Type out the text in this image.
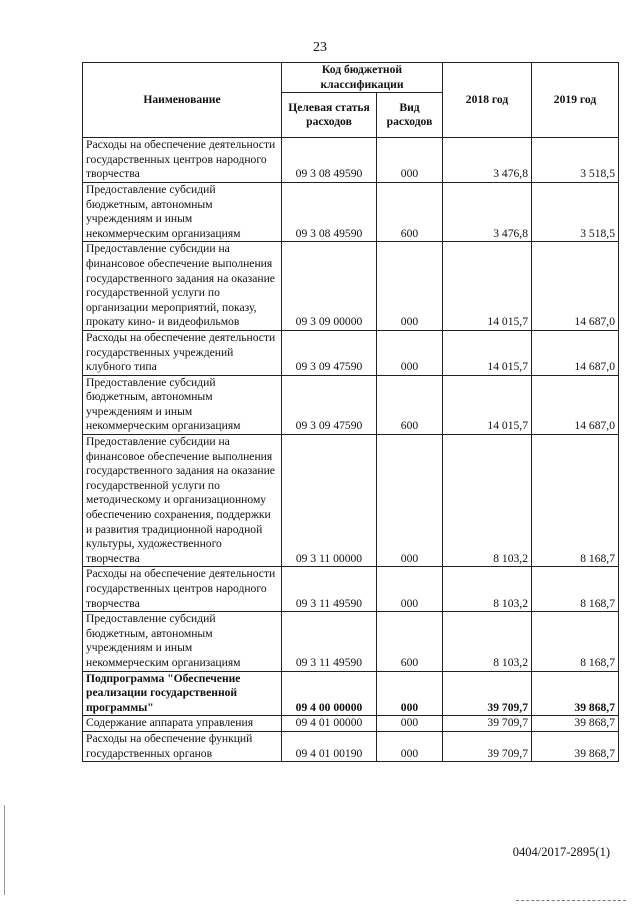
23
Наименование	Код бюджетной классификации		2018 год	2019 год
	Целевая статья расходов	Вид расходов		
Расходы на обеспечение деятельности государственных центров народного творчества	09 3 08 49590	000	3 476,8	3 518,5
Предоставление субсидий бюджетным, автономным учреждениям и иным некоммерческим организациям	09 3 08 49590	600	3 476,8	3 518,5
Предоставление субсидии на финансовое обеспечение выполнения государственного задания на оказание государственной услуги по организации мероприятий, показу, прокату кино- и видеофильмов	09 3 09 00000	000	14 015,7	14 687,0
Расходы на обеспечение деятельности государственных учреждений клубного типа	09 3 09 47590	000	14 015,7	14 687,0
Предоставление субсидий бюджетным, автономным учреждениям и иным некоммерческим организациям	09 3 09 47590	600	14 015,7	14 687,0
Предоставление субсидии на финансовое обеспечение выполнения государственного задания на оказание государственной услуги по методическому и организационному обеспечению сохранения, поддержки и развития традиционной народной культуры, художественного творчества	09 3 11 00000	000	8 103,2	8 168,7
Расходы на обеспечение деятельности государственных центров народного творчества	09 3 11 49590	000	8 103,2	8 168,7
Предоставление субсидий бюджетным, автономным учреждениям и иным некоммерческим организациям	09 3 11 49590	600	8 103,2	8 168,7
Подпрограмма "Обеспечение реализации государственной программы"	09 4 00 00000	000	39 709,7	39 868,7
Содержание аппарата управления	09 4 01 00000	000	39 709,7	39 868,7
Расходы на обеспечение функций государственных органов	09 4 01 00190	000	39 709,7	39 868,7
0404/2017-2895(1)
